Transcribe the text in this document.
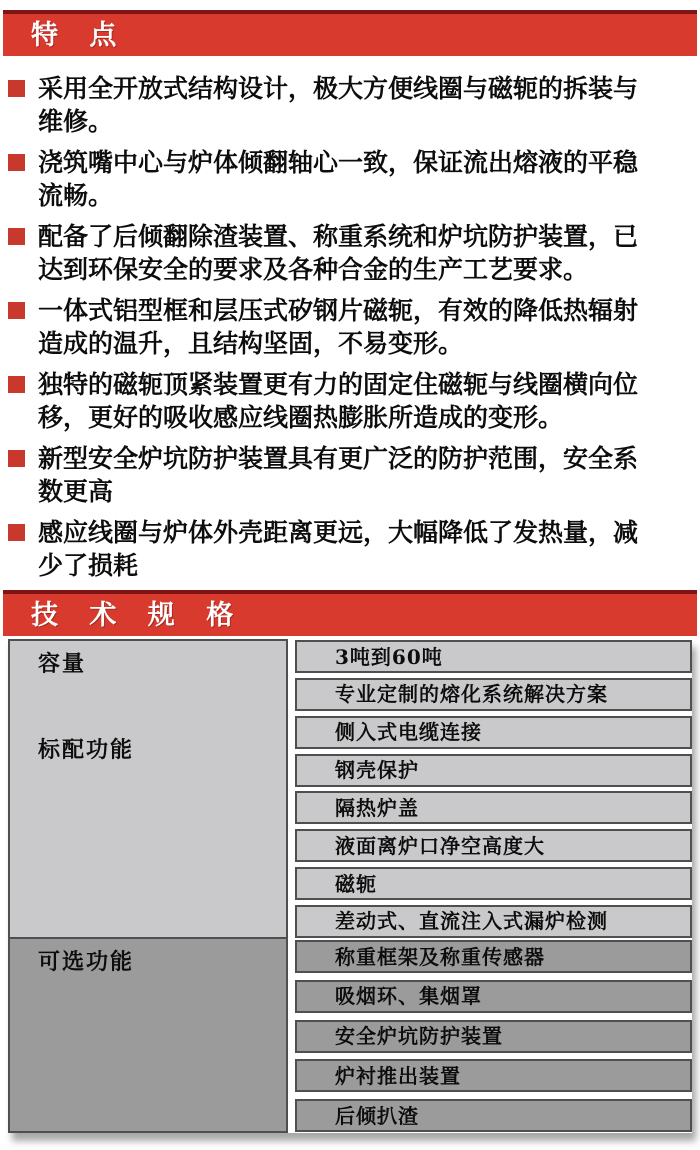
特 点
采用全开放式结构设计，极大方便线圈与磁轭的拆装与维修。
浇筑嘴中心与炉体倾翻轴心一致，保证流出熔液的平稳流畅。
配备了后倾翻除渣装置、称重系统和炉坑防护装置，已达到环保安全的要求及各种合金的生产工艺要求。
一体式铝型框和层压式矽钢片磁轭，有效的降低热辐射造成的温升，且结构坚固，不易变形。
独特的磁轭顶紧装置更有力的固定住磁轭与线圈横向位移，更好的吸收感应线圈热膨胀所造成的变形。
新型安全炉坑防护装置具有更广泛的防护范围，安全系数更高
感应线圈与炉体外壳距离更远，大幅降低了发热量，减少了损耗
技 术 规 格
容量
标配功能
可选功能
3吨到60吨
专业定制的熔化系统解决方案
侧入式电缆连接
钢壳保护
隔热炉盖
液面离炉口净空高度大
磁轭
差动式、直流注入式漏炉检测
称重框架及称重传感器
吸烟环、集烟罩
安全炉坑防护装置
炉衬推出装置
后倾扒渣
